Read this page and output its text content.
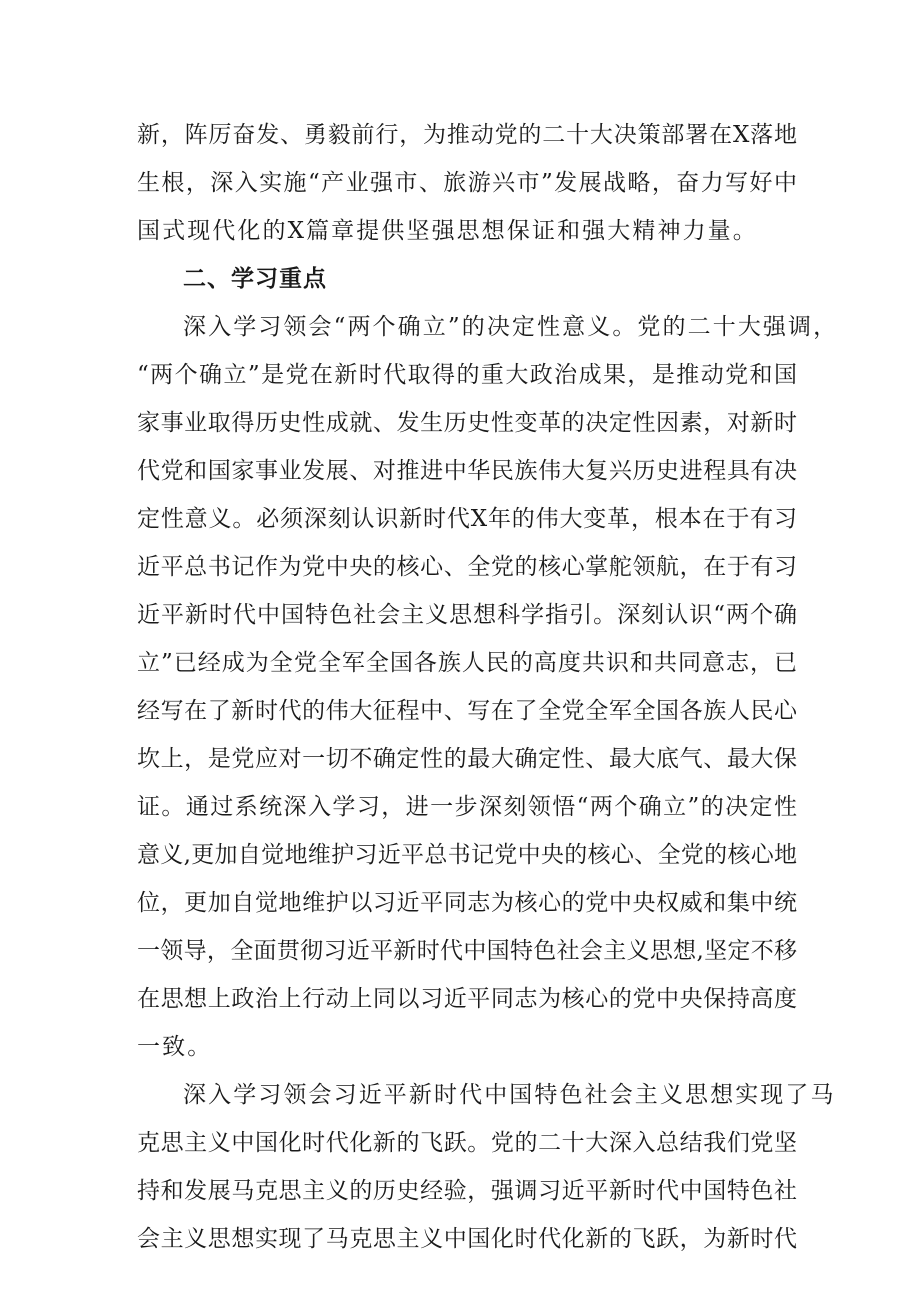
新，阵厉奋发、勇毅前行，为推动党的二十大决策部署在X落地
生根，深入实施“产业强市、旅游兴市”发展战略，奋力写好中
国式现代化的X篇章提供坚强思想保证和强大精神力量。
二、学习重点
深入学习领会“两个确立”的决定性意义。党的二十大强调，
“两个确立”是党在新时代取得的重大政治成果，是推动党和国
家事业取得历史性成就、发生历史性变革的决定性因素，对新时
代党和国家事业发展、对推进中华民族伟大复兴历史进程具有决
定性意义。必须深刻认识新时代X年的伟大变革，根本在于有习
近平总书记作为党中央的核心、全党的核心掌舵领航，在于有习
近平新时代中国特色社会主义思想科学指引。深刻认识“两个确
立”已经成为全党全军全国各族人民的高度共识和共同意志，已
经写在了新时代的伟大征程中、写在了全党全军全国各族人民心
坎上，是党应对一切不确定性的最大确定性、最大底气、最大保
证。通过系统深入学习，进一步深刻领悟“两个确立”的决定性
意义,更加自觉地维护习近平总书记党中央的核心、全党的核心地
位，更加自觉地维护以习近平同志为核心的党中央权威和集中统
一领导，全面贯彻习近平新时代中国特色社会主义思想,坚定不移
在思想上政治上行动上同以习近平同志为核心的党中央保持高度
一致。
深入学习领会习近平新时代中国特色社会主义思想实现了马
克思主义中国化时代化新的飞跃。党的二十大深入总结我们党坚
持和发展马克思主义的历史经验，强调习近平新时代中国特色社
会主义思想实现了马克思主义中国化时代化新的飞跃，为新时代
